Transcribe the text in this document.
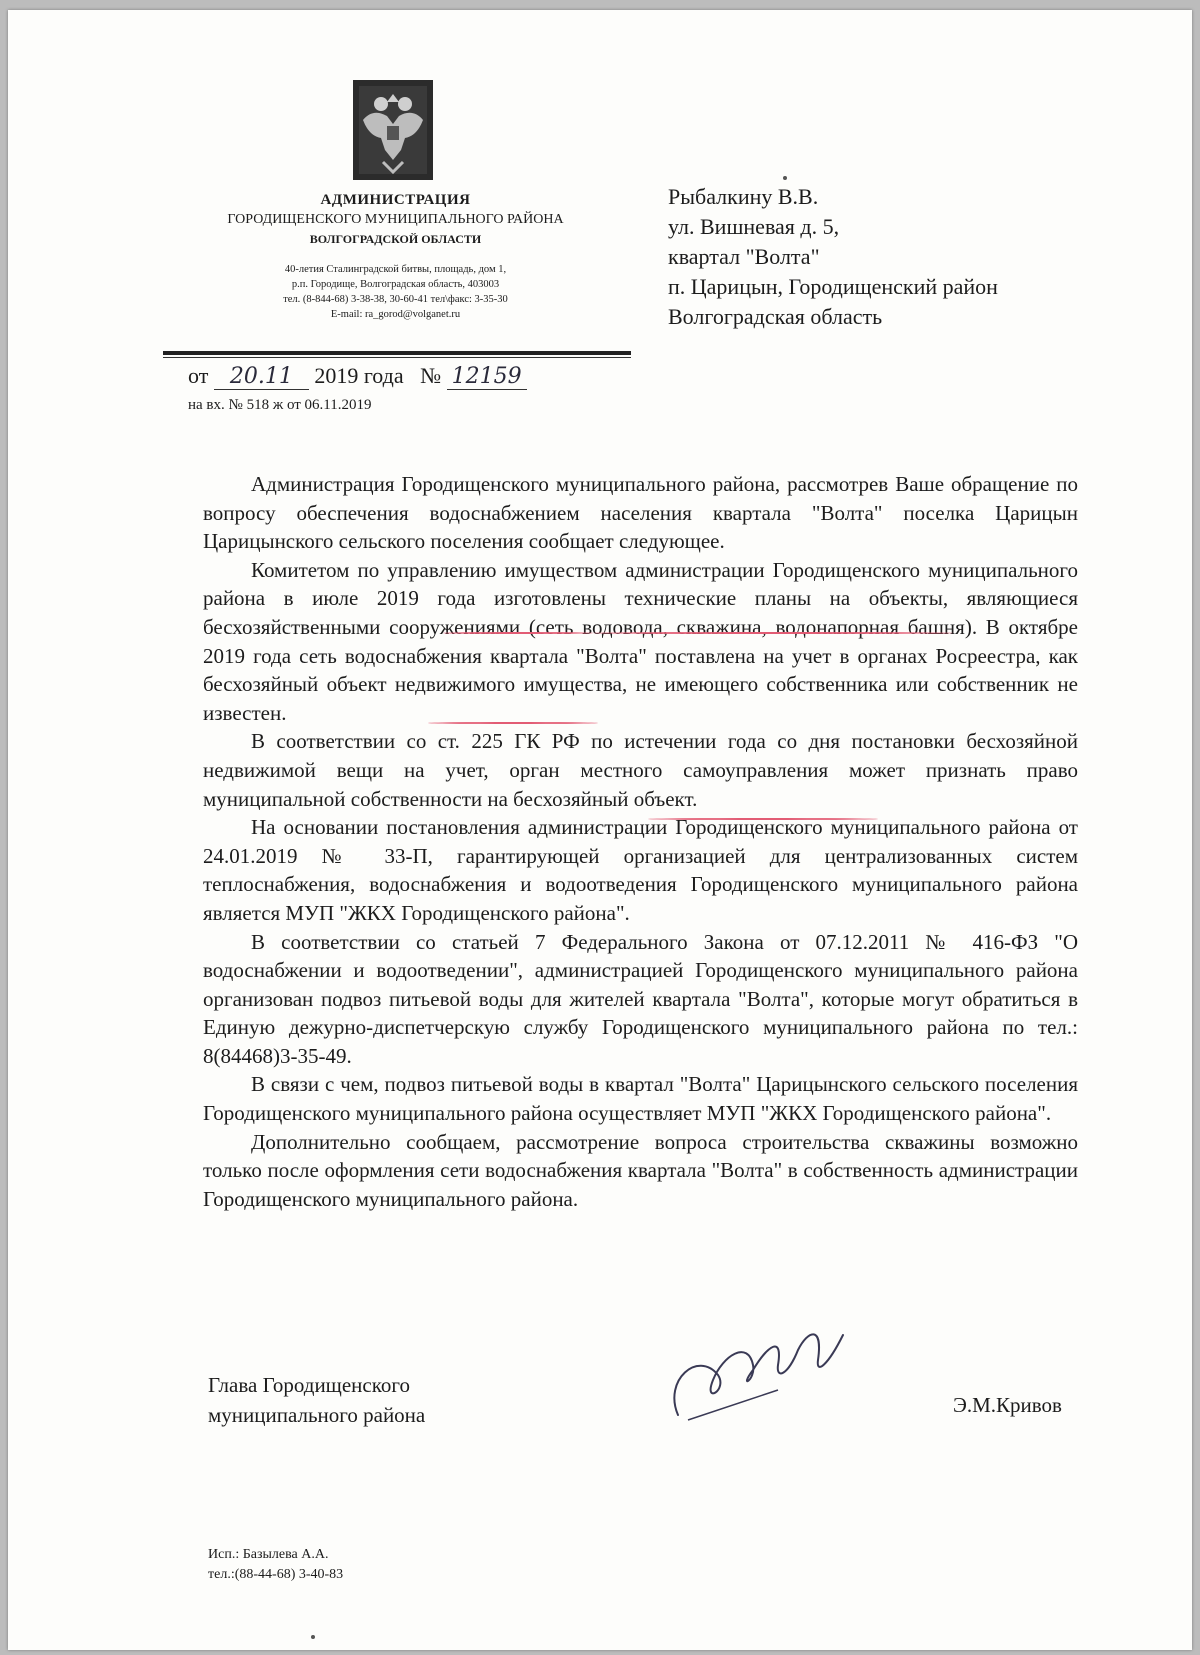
АДМИНИСТРАЦИЯ
ГОРОДИЩЕНСКОГО МУНИЦИПАЛЬНОГО РАЙОНА
ВОЛГОГРАДСКОЙ ОБЛАСТИ
40-летия Сталинградской битвы, площадь, дом 1,
р.п. Городище, Волгоградская область, 403003
тел. (8-844-68) 3-38-38, 30-60-41 тел\факс: 3-35-30
E-mail: ra_gorod@volganet.ru
Рыбалкину В.В.
ул. Вишневая д. 5,
квартал "Волта"
п. Царицын, Городищенский район
Волгоградская область
от 20.11 2019 года № 12159
на вх. № 518 ж от 06.11.2019

Администрация Городищенского муниципального района, рассмотрев Ваше обращение по вопросу обеспечения водоснабжением населения квартала "Волта" поселка Царицын Царицынского сельского поселения сообщает следующее.

Комитетом по управлению имуществом администрации Городищенского муниципального района в июле 2019 года изготовлены технические планы на объекты, являющиеся бесхозяйственными сооружениями (сеть водовода, скважина, водонапорная башня). В октябре 2019 года сеть водоснабжения квартала "Волта" поставлена на учет в органах Росреестра, как бесхозяйный объект недвижимого имущества, не имеющего собственника или собственник не известен.

В соответствии со ст. 225 ГК РФ по истечении года со дня постановки бесхозяйной недвижимой вещи на учет, орган местного самоуправления может признать право муниципальной собственности на бесхозяйный объект.

На основании постановления администрации Городищенского муниципального района от 24.01.2019 № 33-П, гарантирующей организацией для централизованных систем теплоснабжения, водоснабжения и водоотведения Городищенского муниципального района является МУП "ЖКХ Городищенского района".

В соответствии со статьей 7 Федерального Закона от 07.12.2011 № 416-ФЗ "О водоснабжении и водоотведении", администрацией Городищенского муниципального района организован подвоз питьевой воды для жителей квартала "Волта", которые могут обратиться в Единую дежурно-диспетчерскую службу Городищенского муниципального района по тел.: 8(84468)3-35-49.

В связи с чем, подвоз питьевой воды в квартал "Волта" Царицынского сельского поселения Городищенского муниципального района осуществляет МУП "ЖКХ Городищенского района".

Дополнительно сообщаем, рассмотрение вопроса строительства скважины возможно только после оформления сети водоснабжения квартала "Волта" в собственность администрации Городищенского муниципального района.

Глава Городищенского
муниципального района	Э.М.Кривов
Исп.: Базылева А.А.
тел.:(88-44-68) 3-40-83
